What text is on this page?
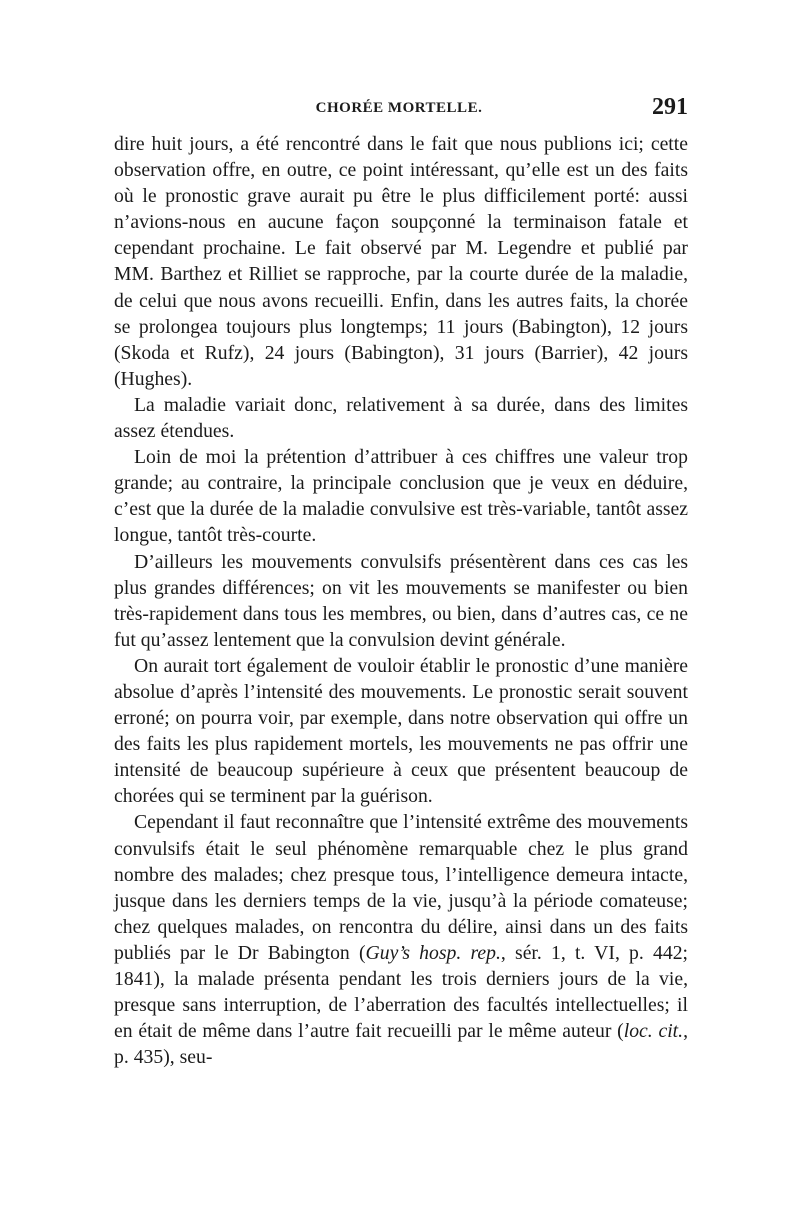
CHORÉE MORTELLE.	291

dire huit jours, a été rencontré dans le fait que nous publions ici; cette observation offre, en outre, ce point intéressant, qu’elle est un des faits où le pronostic grave aurait pu être le plus difficilement porté: aussi n’avions-nous en aucune façon soupçonné la terminaison fatale et cependant prochaine. Le fait observé par M. Legendre et publié par MM. Barthez et Rilliet se rapproche, par la courte durée de la maladie, de celui que nous avons recueilli. Enfin, dans les autres faits, la chorée se prolongea toujours plus longtemps; 11 jours (Babington), 12 jours (Skoda et Rufz), 24 jours (Babington), 31 jours (Barrier), 42 jours (Hughes).

La maladie variait donc, relativement à sa durée, dans des limites assez étendues.

Loin de moi la prétention d’attribuer à ces chiffres une valeur trop grande; au contraire, la principale conclusion que je veux en déduire, c’est que la durée de la maladie convulsive est très-variable, tantôt assez longue, tantôt très-courte.

D’ailleurs les mouvements convulsifs présentèrent dans ces cas les plus grandes différences; on vit les mouvements se manifester ou bien très-rapidement dans tous les membres, ou bien, dans d’autres cas, ce ne fut qu’assez lentement que la convulsion devint générale.

On aurait tort également de vouloir établir le pronostic d’une manière absolue d’après l’intensité des mouvements. Le pronostic serait souvent erroné; on pourra voir, par exemple, dans notre observation qui offre un des faits les plus rapidement mortels, les mouvements ne pas offrir une intensité de beaucoup supérieure à ceux que présentent beaucoup de chorées qui se terminent par la guérison.

Cependant il faut reconnaître que l’intensité extrême des mouvements convulsifs était le seul phénomène remarquable chez le plus grand nombre des malades; chez presque tous, l’intelligence demeura intacte, jusque dans les derniers temps de la vie, jusqu’à la période comateuse; chez quelques malades, on rencontra du délire, ainsi dans un des faits publiés par le Dr Babington (Guy’s hosp. rep., sér. 1, t. VI, p. 442; 1841), la malade présenta pendant les trois derniers jours de la vie, presque sans interruption, de l’aberration des facultés intellectuelles; il en était de même dans l’autre fait recueilli par le même auteur (loc. cit., p. 435), seu-
